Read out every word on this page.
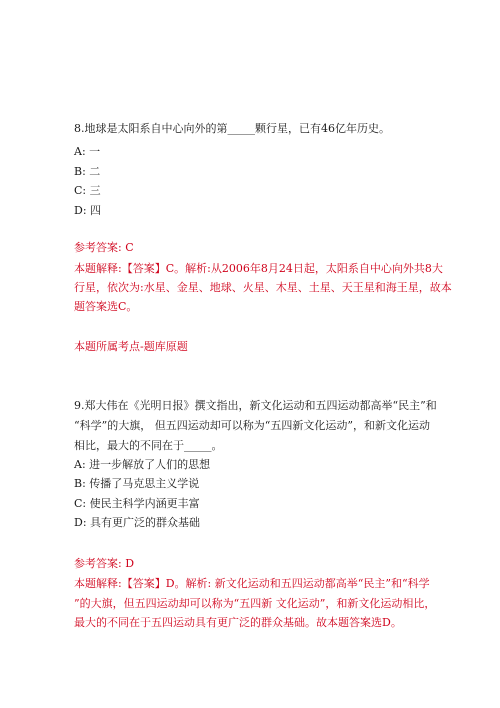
8.地球是太阳系自中心向外的第_____颗行星，已有46亿年历史。
A: 一
B: 二
C: 三
D: 四
参考答案: C
本题解释:【答案】C。解析:从2006年8月24日起，太阳系自中心向外共8大
行星，依次为:水星、金星、地球、火星、木星、土星、天王星和海王星，故本
题答案选C。
本题所属考点-题库原题
9.郑大伟在《光明日报》撰文指出，新文化运动和五四运动都高举“民主”和
“科学”的大旗， 但五四运动却可以称为“五四新文化运动”，和新文化运动
相比，最大的不同在于_____。
A: 进一步解放了人们的思想
B: 传播了马克思主义学说
C: 使民主科学内涵更丰富
D: 具有更广泛的群众基础
参考答案: D
本题解释:【答案】D。解析: 新文化运动和五四运动都高举“民主”和“科学
”的大旗，但五四运动却可以称为“五四新 文化运动”，和新文化运动相比，
最大的不同在于五四运动具有更广泛的群众基础。故本题答案选D。
